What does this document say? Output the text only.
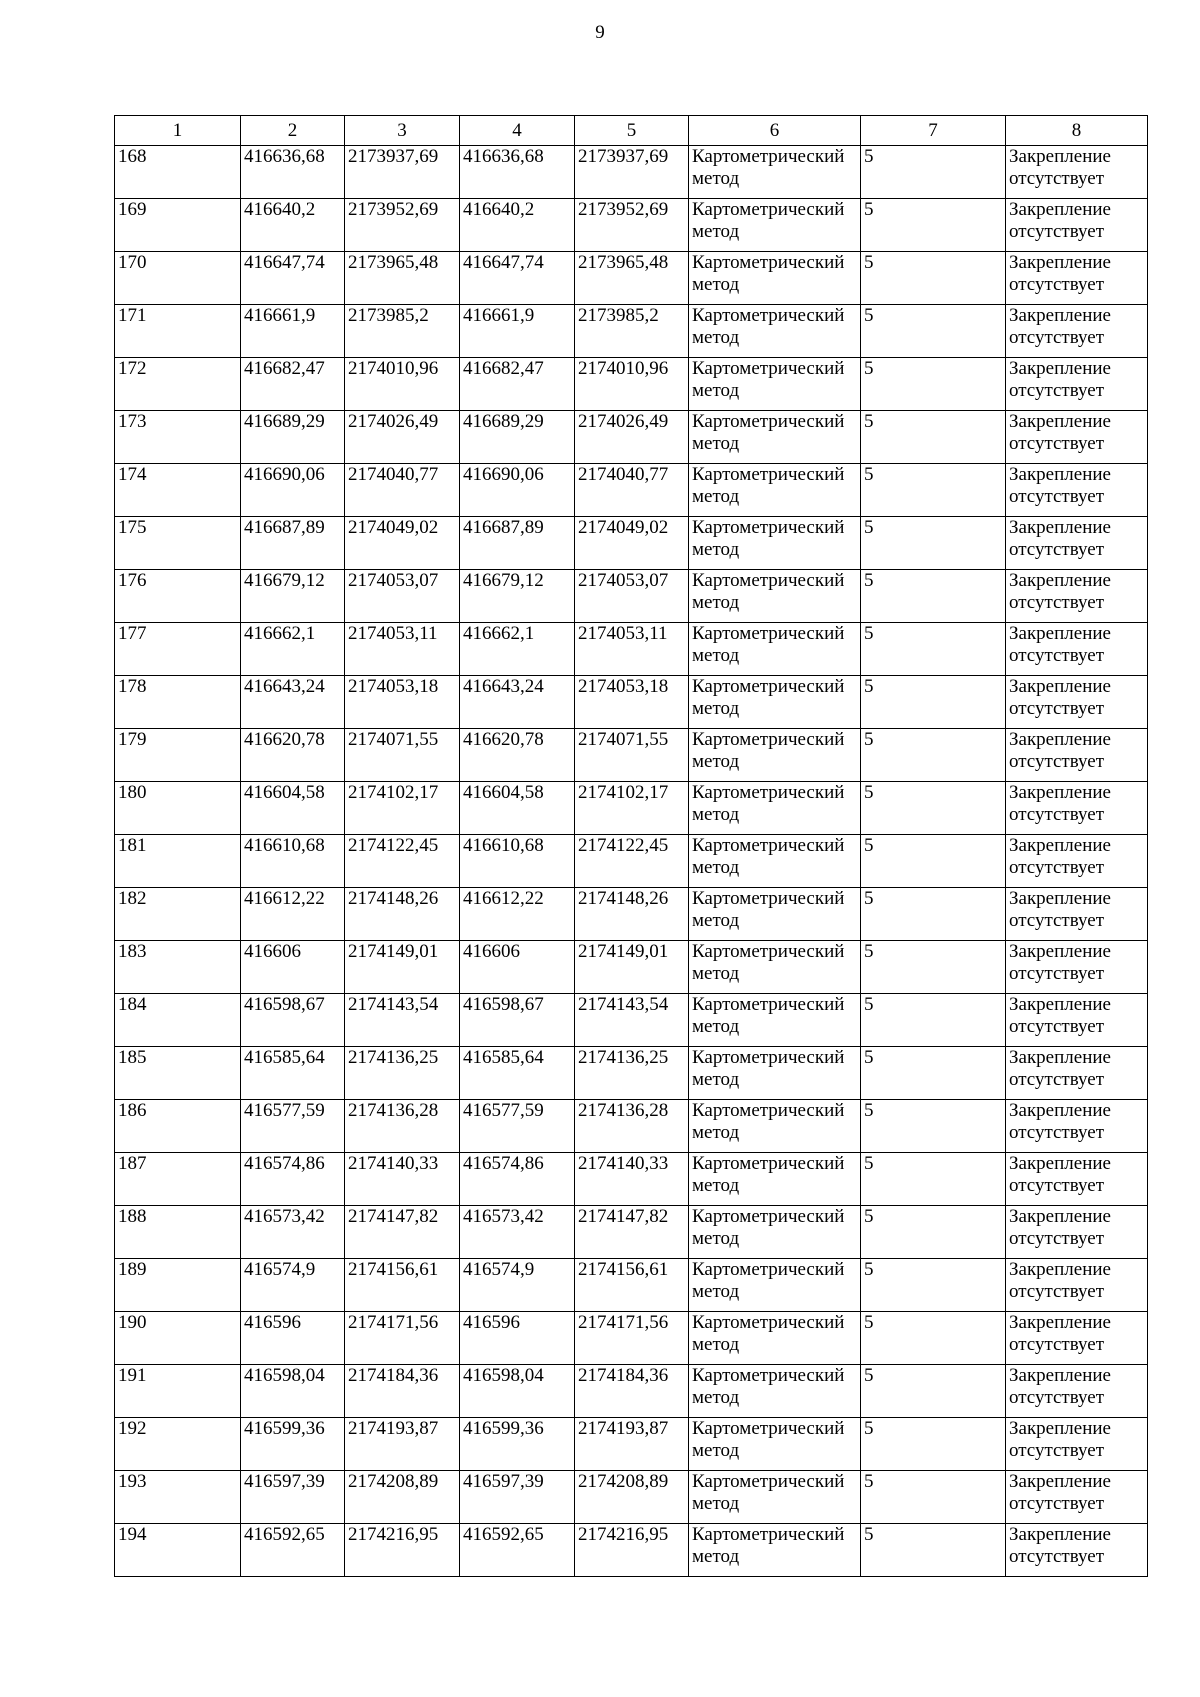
9
1	2	3	4	5	6	7	8
168	416636,68	2173937,69	416636,68	2173937,69	Картометрический метод	5	Закрепление отсутствует
169	416640,2	2173952,69	416640,2	2173952,69	Картометрический метод	5	Закрепление отсутствует
170	416647,74	2173965,48	416647,74	2173965,48	Картометрический метод	5	Закрепление отсутствует
171	416661,9	2173985,2	416661,9	2173985,2	Картометрический метод	5	Закрепление отсутствует
172	416682,47	2174010,96	416682,47	2174010,96	Картометрический метод	5	Закрепление отсутствует
173	416689,29	2174026,49	416689,29	2174026,49	Картометрический метод	5	Закрепление отсутствует
174	416690,06	2174040,77	416690,06	2174040,77	Картометрический метод	5	Закрепление отсутствует
175	416687,89	2174049,02	416687,89	2174049,02	Картометрический метод	5	Закрепление отсутствует
176	416679,12	2174053,07	416679,12	2174053,07	Картометрический метод	5	Закрепление отсутствует
177	416662,1	2174053,11	416662,1	2174053,11	Картометрический метод	5	Закрепление отсутствует
178	416643,24	2174053,18	416643,24	2174053,18	Картометрический метод	5	Закрепление отсутствует
179	416620,78	2174071,55	416620,78	2174071,55	Картометрический метод	5	Закрепление отсутствует
180	416604,58	2174102,17	416604,58	2174102,17	Картометрический метод	5	Закрепление отсутствует
181	416610,68	2174122,45	416610,68	2174122,45	Картометрический метод	5	Закрепление отсутствует
182	416612,22	2174148,26	416612,22	2174148,26	Картометрический метод	5	Закрепление отсутствует
183	416606	2174149,01	416606	2174149,01	Картометрический метод	5	Закрепление отсутствует
184	416598,67	2174143,54	416598,67	2174143,54	Картометрический метод	5	Закрепление отсутствует
185	416585,64	2174136,25	416585,64	2174136,25	Картометрический метод	5	Закрепление отсутствует
186	416577,59	2174136,28	416577,59	2174136,28	Картометрический метод	5	Закрепление отсутствует
187	416574,86	2174140,33	416574,86	2174140,33	Картометрический метод	5	Закрепление отсутствует
188	416573,42	2174147,82	416573,42	2174147,82	Картометрический метод	5	Закрепление отсутствует
189	416574,9	2174156,61	416574,9	2174156,61	Картометрический метод	5	Закрепление отсутствует
190	416596	2174171,56	416596	2174171,56	Картометрический метод	5	Закрепление отсутствует
191	416598,04	2174184,36	416598,04	2174184,36	Картометрический метод	5	Закрепление отсутствует
192	416599,36	2174193,87	416599,36	2174193,87	Картометрический метод	5	Закрепление отсутствует
193	416597,39	2174208,89	416597,39	2174208,89	Картометрический метод	5	Закрепление отсутствует
194	416592,65	2174216,95	416592,65	2174216,95	Картометрический метод	5	Закрепление отсутствует
